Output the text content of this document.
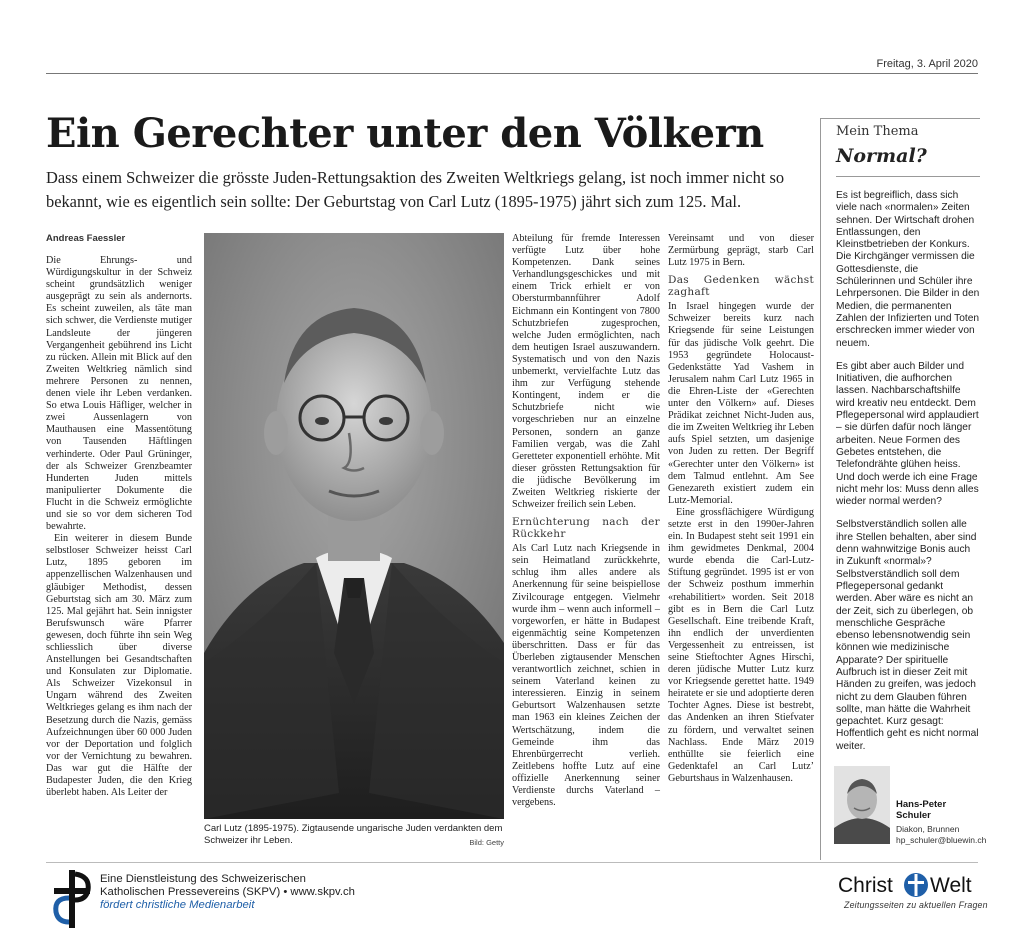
Freitag, 3. April 2020
Ein Gerechter unter den Völkern
Dass einem Schweizer die grösste Juden-Rettungsaktion des Zweiten Weltkriegs gelang, ist noch immer nicht so bekannt, wie es eigentlich sein sollte: Der Geburtstag von Carl Lutz (1895-1975) jährt sich zum 125. Mal.
Andreas Faessler

Die Ehrungs- und Würdigungskultur in der Schweiz scheint grundsätzlich weniger ausgeprägt zu sein als andernorts. Es scheint zuweilen, als täte man sich schwer, die Verdienste mutiger Landsleute der jüngeren Vergangenheit gebührend ins Licht zu rücken. Allein mit Blick auf den Zweiten Weltkrieg nämlich sind mehrere Personen zu nennen, denen viele ihr Leben verdanken. So etwa Louis Häfliger, welcher in zwei Aussenlagern von Mauthausen eine Massentötung von Tausenden Häftlingen verhinderte. Oder Paul Grüninger, der als Schweizer Grenzbeamter Hunderten Juden mittels manipulierter Dokumente die Flucht in die Schweiz ermöglichte und sie so vor dem sicheren Tod bewahrte.

Ein weiterer in diesem Bunde selbstloser Schweizer heisst Carl Lutz, 1895 geboren im appenzellischen Walzenhausen und gläubiger Methodist, dessen Geburtstag sich am 30. März zum 125. Mal gejährt hat. Sein innigster Berufswunsch wäre Pfarrer gewesen, doch führte ihn sein Weg schliesslich über diverse Anstellungen bei Gesandtschaften und Konsulaten zur Diplomatie. Als Schweizer Vizekonsul in Ungarn während des Zweiten Weltkrieges gelang es ihm nach der Besetzung durch die Nazis, gemäss Aufzeichnungen über 60 000 Juden vor der Deportation und folglich vor der Vernichtung zu bewahren. Das war gut die Hälfte der Budapester Juden, die den Krieg überlebt haben. Als Leiter der

Carl Lutz (1895-1975). Zigtausende ungarische Juden verdankten dem Schweizer ihr Leben.	Bild: Getty

Abteilung für fremde Interessen verfügte Lutz über hohe Kompetenzen. Dank seines Verhandlungsgeschickes und mit einem Trick erhielt er von Obersturmbannführer Adolf Eichmann ein Kontingent von 7800 Schutzbriefen zugesprochen, welche Juden ermöglichten, nach dem heutigen Israel auszuwandern. Systematisch und von den Nazis unbemerkt, vervielfachte Lutz das ihm zur Verfügung stehende Kontingent, indem er die Schutzbriefe nicht wie vorgeschrieben nur an einzelne Personen, sondern an ganze Familien vergab, was die Zahl Geretteter exponentiell erhöhte. Mit dieser grössten Rettungsaktion für die jüdische Bevölkerung im Zweiten Weltkrieg riskierte der Schweizer freilich sein Leben.

Ernüchterung nach der Rückkehr

Als Carl Lutz nach Kriegsende in sein Heimatland zurückkehrte, schlug ihm alles andere als Anerkennung für seine beispiellose Zivilcourage entgegen. Vielmehr wurde ihm – wenn auch informell – vorgeworfen, er hätte in Budapest eigenmächtig seine Kompetenzen überschritten. Dass er für das Überleben zigtausender Menschen verantwortlich zeichnet, schien in seinem Vaterland keinen zu interessieren. Einzig in seinem Geburtsort Walzenhausen setzte man 1963 ein kleines Zeichen der Wertschätzung, indem die Gemeinde ihm das Ehrenbürgerrecht verlieh. Zeitlebens hoffte Lutz auf eine offizielle Anerkennung seiner Verdienste durchs Vaterland – vergebens.

Vereinsamt und von dieser Zermürbung geprägt, starb Carl Lutz 1975 in Bern.

Das Gedenken wächst zaghaft

In Israel hingegen wurde der Schweizer bereits kurz nach Kriegsende für seine Leistungen für das jüdische Volk geehrt. Die 1953 gegründete Holocaust-Gedenkstätte Yad Vashem in Jerusalem nahm Carl Lutz 1965 in die Ehren-Liste der «Gerechten unter den Völkern» auf. Dieses Prädikat zeichnet Nicht-Juden aus, die im Zweiten Weltkrieg ihr Leben aufs Spiel setzten, um dasjenige von Juden zu retten. Der Begriff «Gerechter unter den Völkern» ist dem Talmud entlehnt. Am See Genezareth existiert zudem ein Lutz-Memorial.

Eine grossflächigere Würdigung setzte erst in den 1990er-Jahren ein. In Budapest steht seit 1991 ein ihm gewidmetes Denkmal, 2004 wurde ebenda die Carl-Lutz-Stiftung gegründet. 1995 ist er von der Schweiz posthum immerhin «rehabilitiert» worden. Seit 2018 gibt es in Bern die Carl Lutz Gesellschaft. Eine treibende Kraft, ihn endlich der unverdienten Vergessenheit zu entreissen, ist seine Stieftochter Agnes Hirschi, deren jüdische Mutter Lutz kurz vor Kriegsende gerettet hatte. 1949 heiratete er sie und adoptierte deren Tochter Agnes. Diese ist bestrebt, das Andenken an ihren Stiefvater zu fördern, und verwaltet seinen Nachlass. Ende März 2019 enthüllte sie feierlich eine Gedenktafel an Carl Lutz’ Geburtshaus in Walzenhausen.

Mein Thema
Normal?

Es ist begreiflich, dass sich viele nach «normalen» Zeiten sehnen. Der Wirtschaft drohen Entlassungen, den Kleinstbetrieben der Konkurs. Die Kirchgänger vermissen die Gottesdienste, die Schülerinnen und Schüler ihre Lehrpersonen. Die Bilder in den Medien, die permanenten Zahlen der Infizierten und Toten erschrecken immer wieder von neuem.

Es gibt aber auch Bilder und Initiativen, die aufhorchen lassen. Nachbarschaftshilfe wird kreativ neu entdeckt. Dem Pflegepersonal wird applaudiert – sie dürfen dafür noch länger arbeiten. Neue Formen des Gebetes entstehen, die Telefondrähte glühen heiss. Und doch werde ich eine Frage nicht mehr los: Muss denn alles wieder normal werden?

Selbstverständlich sollen alle ihre Stellen behalten, aber sind denn wahnwitzige Bonis auch in Zukunft «normal»? Selbstverständlich soll dem Pflegepersonal gedankt werden. Aber wäre es nicht an der Zeit, sich zu überlegen, ob menschliche Gespräche ebenso lebensnotwendig sein können wie medizinische Apparate? Der spirituelle Aufbruch ist in dieser Zeit mit Händen zu greifen, was jedoch nicht zu dem Glauben führen sollte, man hätte die Wahrheit gepachtet. Kurz gesagt: Hoffentlich geht es nicht normal weiter.

Hans-Peter
Schuler
Diakon, Brunnen
hp_schuler@bluewin.ch
Eine Dienstleistung des Schweizerischen
Katholischen Pressevereins (SKPV) • www.skpv.ch
fördert christliche Medienarbeit
Christ Welt
Zeitungsseiten zu aktuellen Fragen
